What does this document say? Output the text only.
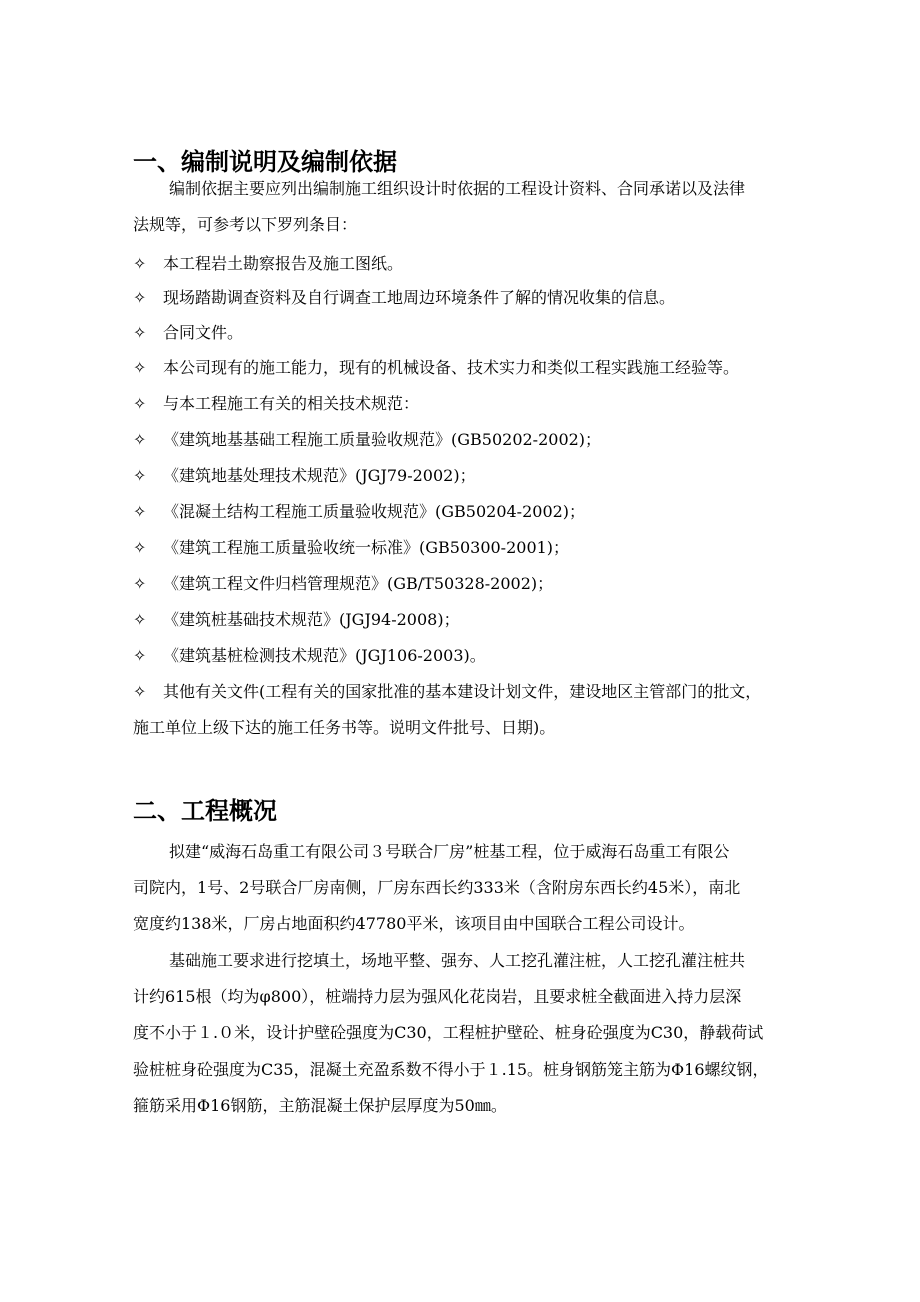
一、编制说明及编制依据
编制依据主要应列出编制施工组织设计时依据的工程设计资料、合同承诺以及法律
法规等，可参考以下罗列条目：
✧ 本工程岩土勘察报告及施工图纸。
✧ 现场踏勘调查资料及自行调查工地周边环境条件了解的情况收集的信息。
✧ 合同文件。
✧ 本公司现有的施工能力，现有的机械设备、技术实力和类似工程实践施工经验等。
✧ 与本工程施工有关的相关技术规范：
✧ 《建筑地基基础工程施工质量验收规范》(GB50202-2002)；
✧ 《建筑地基处理技术规范》(JGJ79-2002)；
✧ 《混凝土结构工程施工质量验收规范》(GB50204-2002)；
✧ 《建筑工程施工质量验收统一标准》(GB50300-2001)；
✧ 《建筑工程文件归档管理规范》(GB/T50328-2002)；
✧ 《建筑桩基础技术规范》(JGJ94-2008)；
✧ 《建筑基桩检测技术规范》(JGJ106-2003)。
✧ 其他有关文件(工程有关的国家批准的基本建设计划文件，建设地区主管部门的批文，
施工单位上级下达的施工任务书等。说明文件批号、日期)。
二、工程概况
拟建“威海石岛重工有限公司３号联合厂房”桩基工程，位于威海石岛重工有限公
司院内，1号、2号联合厂房南侧，厂房东西长约333米（含附房东西长约45米），南北
宽度约138米，厂房占地面积约47780平米，该项目由中国联合工程公司设计。
基础施工要求进行挖填土，场地平整、强夯、人工挖孔灌注桩，人工挖孔灌注桩共
计约615根（均为φ800），桩端持力层为强风化花岗岩，且要求桩全截面进入持力层深
度不小于１.０米，设计护壁砼强度为C30，工程桩护壁砼、桩身砼强度为C30，静载荷试
验桩桩身砼强度为C35，混凝土充盈系数不得小于１.15。桩身钢筋笼主筋为Φ16螺纹钢，
箍筋采用Φ16钢筋，主筋混凝土保护层厚度为50㎜。
